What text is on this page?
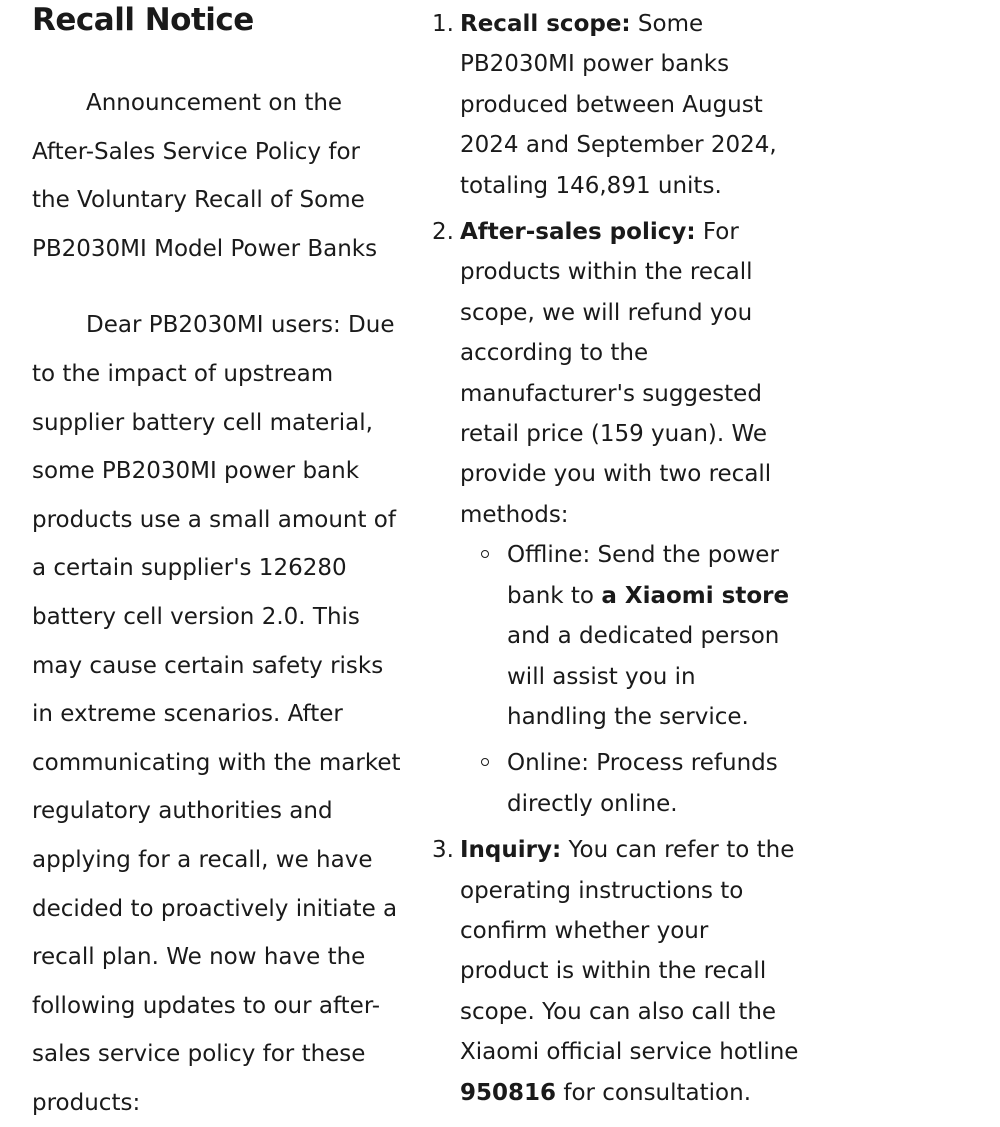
Recall Notice

Announcement on the After-Sales Service Policy for the Voluntary Recall of Some PB2030MI Model Power Banks

Dear PB2030MI users: Due to the impact of upstream supplier battery cell material, some PB2030MI power bank products use a small amount of a certain supplier's 126280 battery cell version 2.0. This may cause certain safety risks in extreme scenarios. After communicating with the market regulatory authorities and applying for a recall, we have decided to proactively initiate a recall plan. We now have the following updates to our after-sales service policy for these products:

1. Recall scope: Some PB2030MI power banks produced between August 2024 and September 2024, totaling 146,891 units.
2. After-sales policy: For products within the recall scope, we will refund you according to the manufacturer's suggested retail price (159 yuan). We provide you with two recall methods:
Offline: Send the power bank to a Xiaomi store and a dedicated person will assist you in handling the service.
Online: Process refunds directly online.
3. Inquiry: You can refer to the operating instructions to confirm whether your product is within the recall scope. You can also call the Xiaomi official service hotline 950816 for consultation.
